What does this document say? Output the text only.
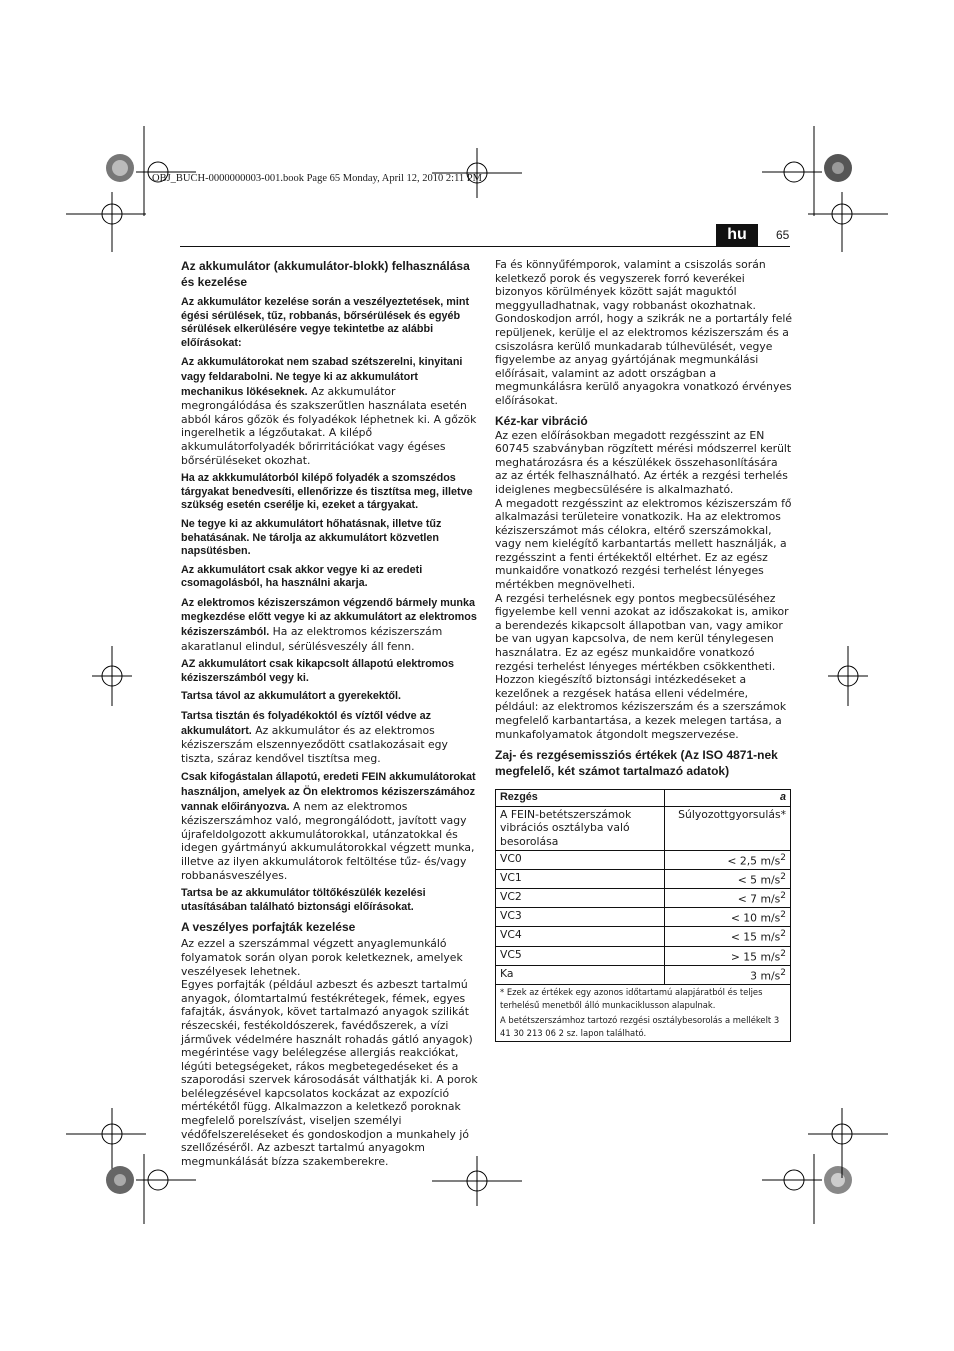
OBJ_BUCH-0000000003-001.book Page 65 Monday, April 12, 2010 2:11 PM
hu	65
Az akkumulátor (akkumulátor-blokk) felhasználása és kezelése

Az akkumulátor kezelése során a veszélyeztetések, mint égési sérülések, tűz, robbanás, bőrsérülések és egyéb sérülések elkerülésére vegye tekintetbe az alábbi előírásokat:

Az akkumulátorokat nem szabad szétszerelni, kinyitani vagy feldarabolni. Ne tegye ki az akkumulátort mechanikus lökéseknek. Az akkumulátor megrongálódása és szakszerűtlen használata esetén abból káros gőzök és folyadékok léphetnek ki. A gőzök ingerelhetik a légzőutakat. A kilépő akkumulátorfolyadék bőrirritációkat vagy égéses bőrsérüléseket okozhat.

Ha az akkkumulátorból kilépő folyadék a szomszédos tárgyakat benedvesíti, ellenőrizze és tisztítsa meg, illetve szükség esetén cserélje ki, ezeket a tárgyakat.

Ne tegye ki az akkumulátort hőhatásnak, illetve tűz behatásának. Ne tárolja az akkumulátort közvetlen napsütésben.

Az akkumulátort csak akkor vegye ki az eredeti csomagolásból, ha használni akarja.

Az elektromos kéziszerszámon végzendő bármely munka megkezdése előtt vegye ki az akkumulátort az elektromos kéziszerszámból. Ha az elektromos kéziszerszám akaratlanul elindul, sérülésveszély áll fenn.

AZ akkumulátort csak kikapcsolt állapotú elektromos kéziszerszámból vegy ki.

Tartsa távol az akkumulátort a gyerekektől.

Tartsa tisztán és folyadékoktól és víztől védve az akkumulátort. Az akkumulátor és az elektromos kéziszerszám elszennyeződött csatlakozásait egy tiszta, száraz kendővel tisztítsa meg.

Csak kifogástalan állapotú, eredeti FEIN akkumulátorokat használjon, amelyek az Ön elektromos kéziszerszámához vannak előirányozva. A nem az elektromos kéziszerszámhoz való, megrongálódott, javított vagy újrafeldolgozott akkumulátorokkal, utánzatokkal és idegen gyártmányú akkumulátorokkal végzett munka, illetve az ilyen akkumulátorok feltöltése tűz- és/vagy robbanásveszélyes.

Tartsa be az akkumulátor töltőkészülék kezelési utasításában található biztonsági előírásokat.

A veszélyes porfajták kezelése

Az ezzel a szerszámmal végzett anyaglemunkáló folyamatok során olyan porok keletkeznek, amelyek veszélyesek lehetnek.

Egyes porfajták (például azbeszt és azbeszt tartalmú anyagok, ólomtartalmú festékrétegek, fémek, egyes fafajták, ásványok, követ tartalmazó anyagok szilikát részecskéi, festékoldószerek, favédőszerek, a vízi járművek védelmére használt rohadás gátló anyagok) megérintése vagy belélegzése allergiás reakciókat, légúti betegségeket, rákos megbetegedéseket és a szaporodási szervek károsodását válthatják ki. A porok belélegzésével kapcsolatos kockázat az expozíció mértékétől függ. Alkalmazzon a keletkező poroknak megfelelő porelszívást, viseljen személyi védőfelszereléseket és gondoskodjon a munkahely jó szellőzéséről. Az azbeszt tartalmú anyagokm megmunkálását bízza szakemberekre.

Fa és könnyűfémporok, valamint a csiszolás során keletkező porok és vegyszerek forró keverékei bizonyos körülmények között saját maguktól meggyulladhatnak, vagy robbanást okozhatnak. Gondoskodjon arról, hogy a szikrák ne a portartály felé repüljenek, kerülje el az elektromos kéziszerszám és a csiszolásra kerülő munkadarab túlhevülését, vegye figyelembe az anyag gyártójának megmunkálási előírásait, valamint az adott országban a megmunkálásra kerülő anyagokra vonatkozó érvényes előírásokat.

Kéz-kar vibráció

Az ezen előírásokban megadott rezgésszint az EN 60745 szabványban rögzített mérési módszerrel került meghatározásra és a készülékek összehasonlítására az az érték felhasználható. Az érték a rezgési terhelés ideiglenes megbecsülésére is alkalmazható.

A megadott rezgésszint az elektromos kéziszerszám fő alkalmazási területeire vonatkozik. Ha az elektromos kéziszerszámot más célokra, eltérő szerszámokkal, vagy nem kielégítő karbantartás mellett használják, a rezgésszint a fenti értékektől eltérhet. Ez az egész munkaidőre vonatkozó rezgési terhelést lényeges mértékben megnövelheti.

A rezgési terhelésnek egy pontos megbecsüléséhez figyelembe kell venni azokat az időszakokat is, amikor a berendezés kikapcsolt állapotban van, vagy amikor be van ugyan kapcsolva, de nem kerül ténylegesen használatra. Ez az egész munkaidőre vonatkozó rezgési terhelést lényeges mértékben csökkentheti.

Hozzon kiegészítő biztonsági intézkedéseket a kezelőnek a rezgések hatása elleni védelmére, például: az elektromos kéziszerszám és a szerszámok megfelelő karbantartása, a kezek melegen tartása, a munkafolyamatok átgondolt megszervezése.

Zaj- és rezgésemissziós értékek (Az ISO 4871-nek megfelelő, két számot tartalmazó adatok)
Rezgés	a
A FEIN-betétszerszámok vibrációs osztályba való besorolása	Súlyozottgyorsulás*
VC0	< 2,5 $m/s^2$
VC1	< 5 $m/s^2$
VC2	< 7 $m/s^2$
VC3	< 10 $m/s^2$
VC4	< 15 $m/s^2$
VC5	> 15 $m/s^2$
Ka	3 $m/s^2$

* Ezek az értékek egy azonos időtartamú alapjáratból és teljes terhelésű menetből álló munkaciklusson alapulnak.
A betétszerszámhoz tartozó rezgési osztálybesorolás a mellékelt 3 41 30 213 06 2 sz. lapon található.	
